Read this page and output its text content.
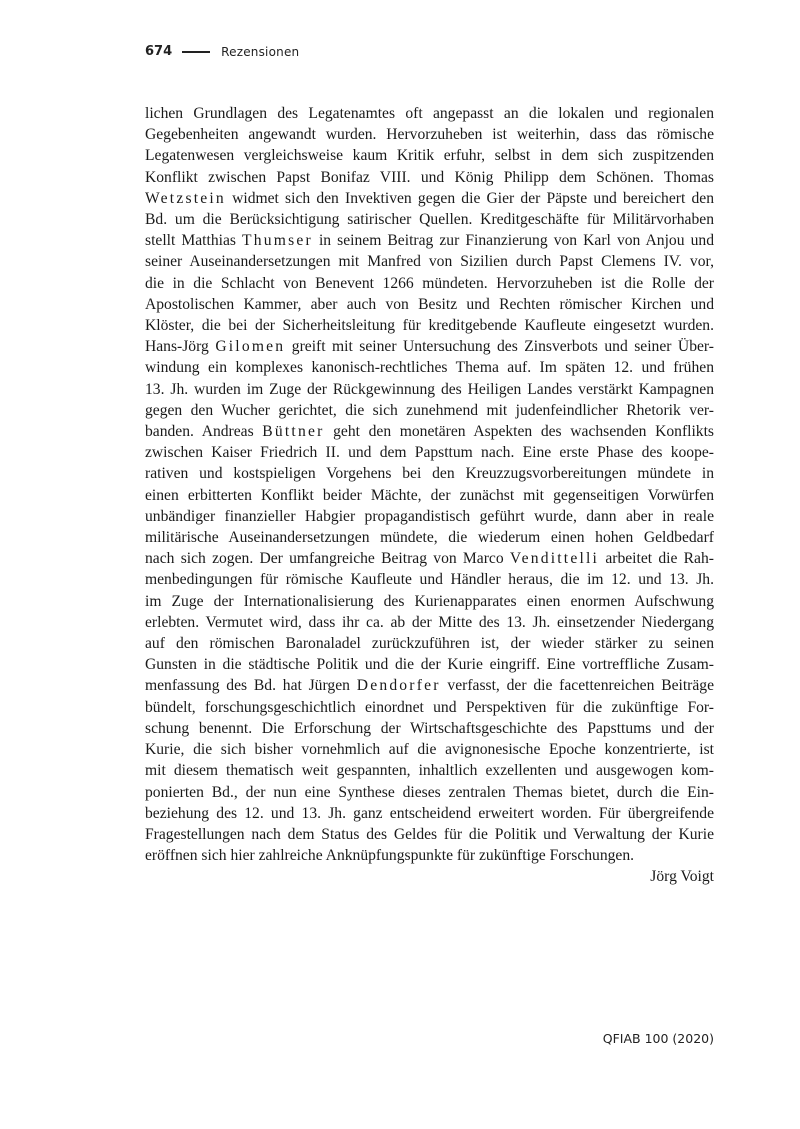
674	Rezensionen
lichen Grundlagen des Legatenamtes oft angepasst an die lokalen und regionalen
Gegebenheiten angewandt wurden. Hervorzuheben ist weiterhin, dass das römische
Legatenwesen vergleichsweise kaum Kritik erfuhr, selbst in dem sich zuspitzenden
Konflikt zwischen Papst Bonifaz VIII. und König Philipp dem Schönen. Thomas
Wetzstein widmet sich den Invektiven gegen die Gier der Päpste und bereichert den
Bd. um die Berücksichtigung satirischer Quellen. Kreditgeschäfte für Militärvorhaben
stellt Matthias Thumser in seinem Beitrag zur Finanzierung von Karl von Anjou und
seiner Auseinandersetzungen mit Manfred von Sizilien durch Papst Clemens IV. vor,
die in die Schlacht von Benevent 1266 mündeten. Hervorzuheben ist die Rolle der
Apostolischen Kammer, aber auch von Besitz und Rechten römischer Kirchen und
Klöster, die bei der Sicherheitsleitung für kreditgebende Kaufleute eingesetzt wurden.
Hans-Jörg Gilomen greift mit seiner Untersuchung des Zinsverbots und seiner Über-
windung ein komplexes kanonisch-rechtliches Thema auf. Im späten 12. und frühen
13. Jh. wurden im Zuge der Rückgewinnung des Heiligen Landes verstärkt Kampagnen
gegen den Wucher gerichtet, die sich zunehmend mit judenfeindlicher Rhetorik ver-
banden. Andreas Büttner geht den monetären Aspekten des wachsenden Konflikts
zwischen Kaiser Friedrich II. und dem Papsttum nach. Eine erste Phase des koope-
rativen und kostspieligen Vorgehens bei den Kreuzzugsvorbereitungen mündete in
einen erbitterten Konflikt beider Mächte, der zunächst mit gegenseitigen Vorwürfen
unbändiger finanzieller Habgier propagandistisch geführt wurde, dann aber in reale
militärische Auseinandersetzungen mündete, die wiederum einen hohen Geldbedarf
nach sich zogen. Der umfangreiche Beitrag von Marco Vendittelli arbeitet die Rah-
menbedingungen für römische Kaufleute und Händler heraus, die im 12. und 13. Jh.
im Zuge der Internationalisierung des Kurienapparates einen enormen Aufschwung
erlebten. Vermutet wird, dass ihr ca. ab der Mitte des 13. Jh. einsetzender Niedergang
auf den römischen Baronaladel zurückzuführen ist, der wieder stärker zu seinen
Gunsten in die städtische Politik und die der Kurie eingriff. Eine vortreffliche Zusam-
menfassung des Bd. hat Jürgen Dendorfer verfasst, der die facettenreichen Beiträge
bündelt, forschungsgeschichtlich einordnet und Perspektiven für die zukünftige For-
schung benennt. Die Erforschung der Wirtschaftsgeschichte des Papsttums und der
Kurie, die sich bisher vornehmlich auf die avignonesische Epoche konzentrierte, ist
mit diesem thematisch weit gespannten, inhaltlich exzellenten und ausgewogen kom-
ponierten Bd., der nun eine Synthese dieses zentralen Themas bietet, durch die Ein-
beziehung des 12. und 13. Jh. ganz entscheidend erweitert worden. Für übergreifende
Fragestellungen nach dem Status des Geldes für die Politik und Verwaltung der Kurie
eröffnen sich hier zahlreiche Anknüpfungspunkte für zukünftige Forschungen.
Jörg Voigt
QFIAB 100 (2020)
